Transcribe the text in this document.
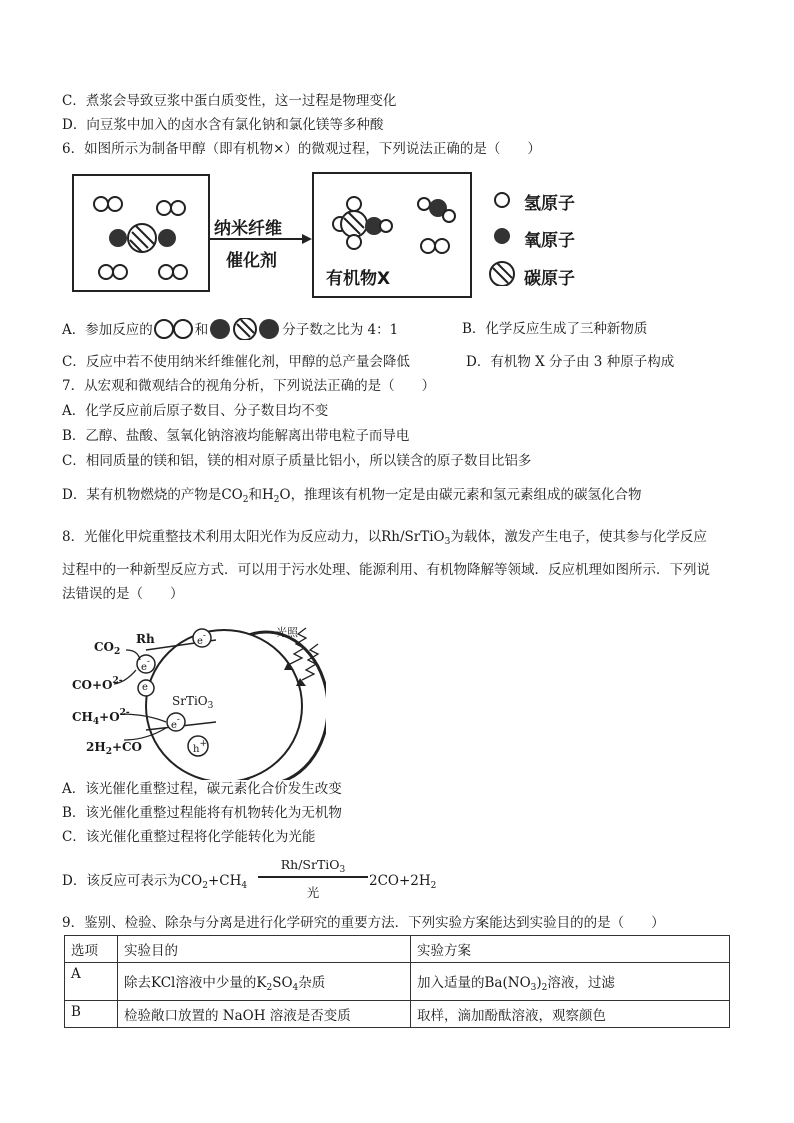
C．煮浆会导致豆浆中蛋白质变性，这一过程是物理变化
D．向豆浆中加入的卤水含有氯化钠和氯化镁等多种酸
6．如图所示为制备甲醇（即有机物×）的微观过程，下列说法正确的是（　　）
纳米纤维
催化剂
有机物X
氢原子
氧原子
碳原子
A．参加反应的	和	分子数之比为 4：1	B．化学反应生成了三种新物质
C．反应中若不使用纳米纤维催化剂，甲醇的总产量会降低	D．有机物 X 分子由 3 种原子构成
7．从宏观和微观结合的视角分析，下列说法正确的是（　　）
A．化学反应前后原子数目、分子数目均不变
B．乙醇、盐酸、氢氧化钠溶液均能解离出带电粒子而导电
C．相同质量的镁和铝，镁的相对原子质量比铝小，所以镁含的原子数目比铝多
D．某有机物燃烧的产物是$CO_2$和$H_2O$，推理该有机物一定是由碳元素和氢元素组成的碳氢化合物
8．光催化甲烷重整技术利用太阳光作为反应动力，以Rh/SrTiO$_3$为载体，激发产生电子，使其参与化学反应
过程中的一种新型反应方式．可以用于污水处理、能源利用、有机物降解等领域．反应机理如图所示．下列说
法错误的是（　　）
光照
Rh
SrTiO$_3$
$CO_2$
$CO+O^{2-}$
$CH_4+O^{2-}$
$2H_2+CO$
e-
e-
e
e-
h+
A．该光催化重整过程，碳元素化合价发生改变
B．该光催化重整过程能将有机物转化为无机物
C．该光催化重整过程将化学能转化为光能
D．该反应可表示为$CO_2+CH_4$
Rh/SrTiO$_3$
光
$2CO+2H_2$
9．鉴别、检验、除杂与分离是进行化学研究的重要方法．下列实验方案能达到实验目的的是（　　）
选项	实验目的	实验方案
A	除去KCl溶液中少量的$K_2SO_4$杂质	加入适量的$Ba(NO_3)_2$溶液，过滤
B	检验敞口放置的 NaOH 溶液是否变质	取样，滴加酚酞溶液，观察颜色
